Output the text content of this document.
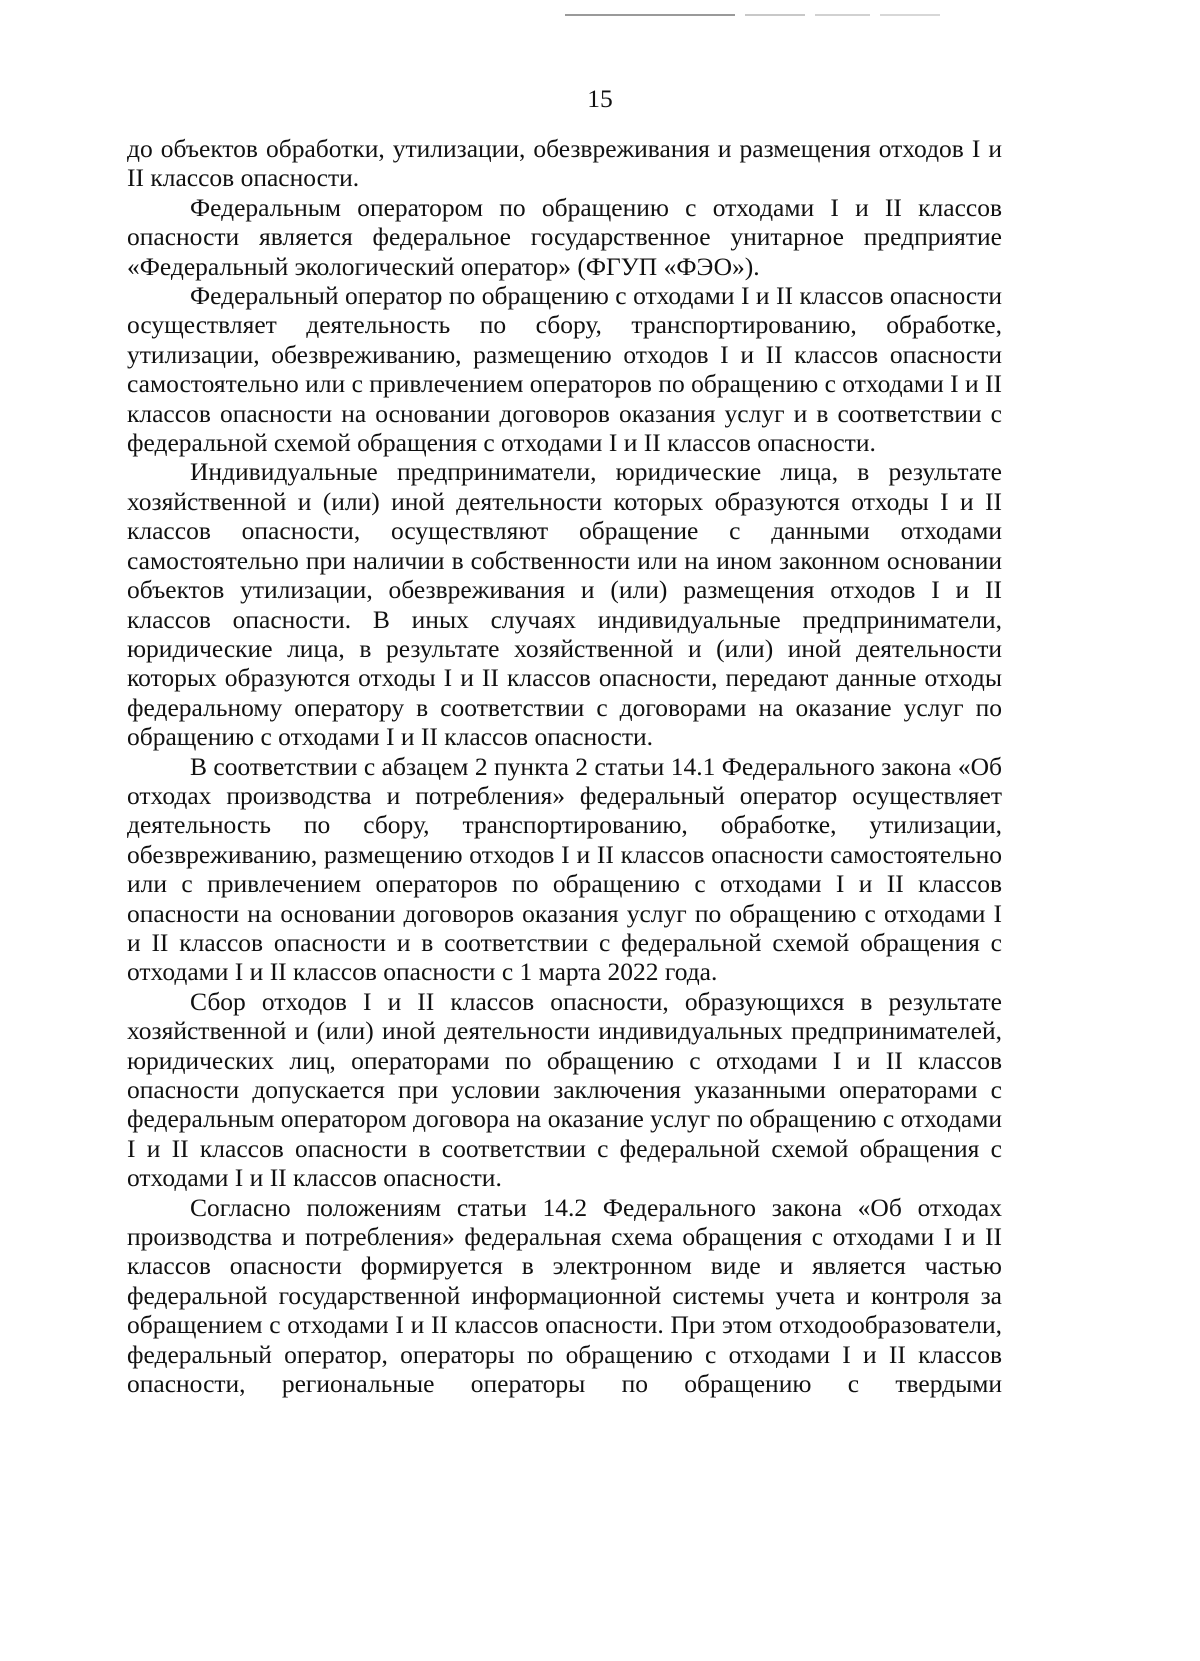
15

до объектов обработки, утилизации, обезвреживания и размещения отходов I и II классов опасности.

Федеральным оператором по обращению с отходами I и II классов опасности является федеральное государственное унитарное предприятие «Федеральный экологический оператор» (ФГУП «ФЭО»).

Федеральный оператор по обращению с отходами I и II классов опасности осуществляет деятельность по сбору, транспортированию, обработке, утилизации, обезвреживанию, размещению отходов I и II классов опасности самостоятельно или с привлечением операторов по обращению с отходами I и II классов опасности на основании договоров оказания услуг и в соответствии с федеральной схемой обращения с отходами I и II классов опасности.

Индивидуальные предприниматели, юридические лица, в результате хозяйственной и (или) иной деятельности которых образуются отходы I и II классов опасности, осуществляют обращение с данными отходами самостоятельно при наличии в собственности или на ином законном основании объектов утилизации, обезвреживания и (или) размещения отходов I и II классов опасности. В иных случаях индивидуальные предприниматели, юридические лица, в результате хозяйственной и (или) иной деятельности которых образуются отходы I и II классов опасности, передают данные отходы федеральному оператору в соответствии с договорами на оказание услуг по обращению с отходами I и II классов опасности.

В соответствии с абзацем 2 пункта 2 статьи 14.1 Федерального закона «Об отходах производства и потребления» федеральный оператор осуществляет деятельность по сбору, транспортированию, обработке, утилизации, обезвреживанию, размещению отходов I и II классов опасности самостоятельно или с привлечением операторов по обращению с отходами I и II классов опасности на основании договоров оказания услуг по обращению с отходами I и II классов опасности и в соответствии с федеральной схемой обращения с отходами I и II классов опасности с 1 марта 2022 года.

Сбор отходов I и II классов опасности, образующихся в результате хозяйственной и (или) иной деятельности индивидуальных предпринимателей, юридических лиц, операторами по обращению с отходами I и II классов опасности допускается при условии заключения указанными операторами с федеральным оператором договора на оказание услуг по обращению с отходами I и II классов опасности в соответствии с федеральной схемой обращения с отходами I и II классов опасности.

Согласно положениям статьи 14.2 Федерального закона «Об отходах производства и потребления» федеральная схема обращения с отходами I и II классов опасности формируется в электронном виде и является частью федеральной государственной информационной системы учета и контроля за обращением с отходами I и II классов опасности. При этом отходообразователи, федеральный оператор, операторы по обращению с отходами I и II классов опасности, региональные операторы по обращению с твердыми
